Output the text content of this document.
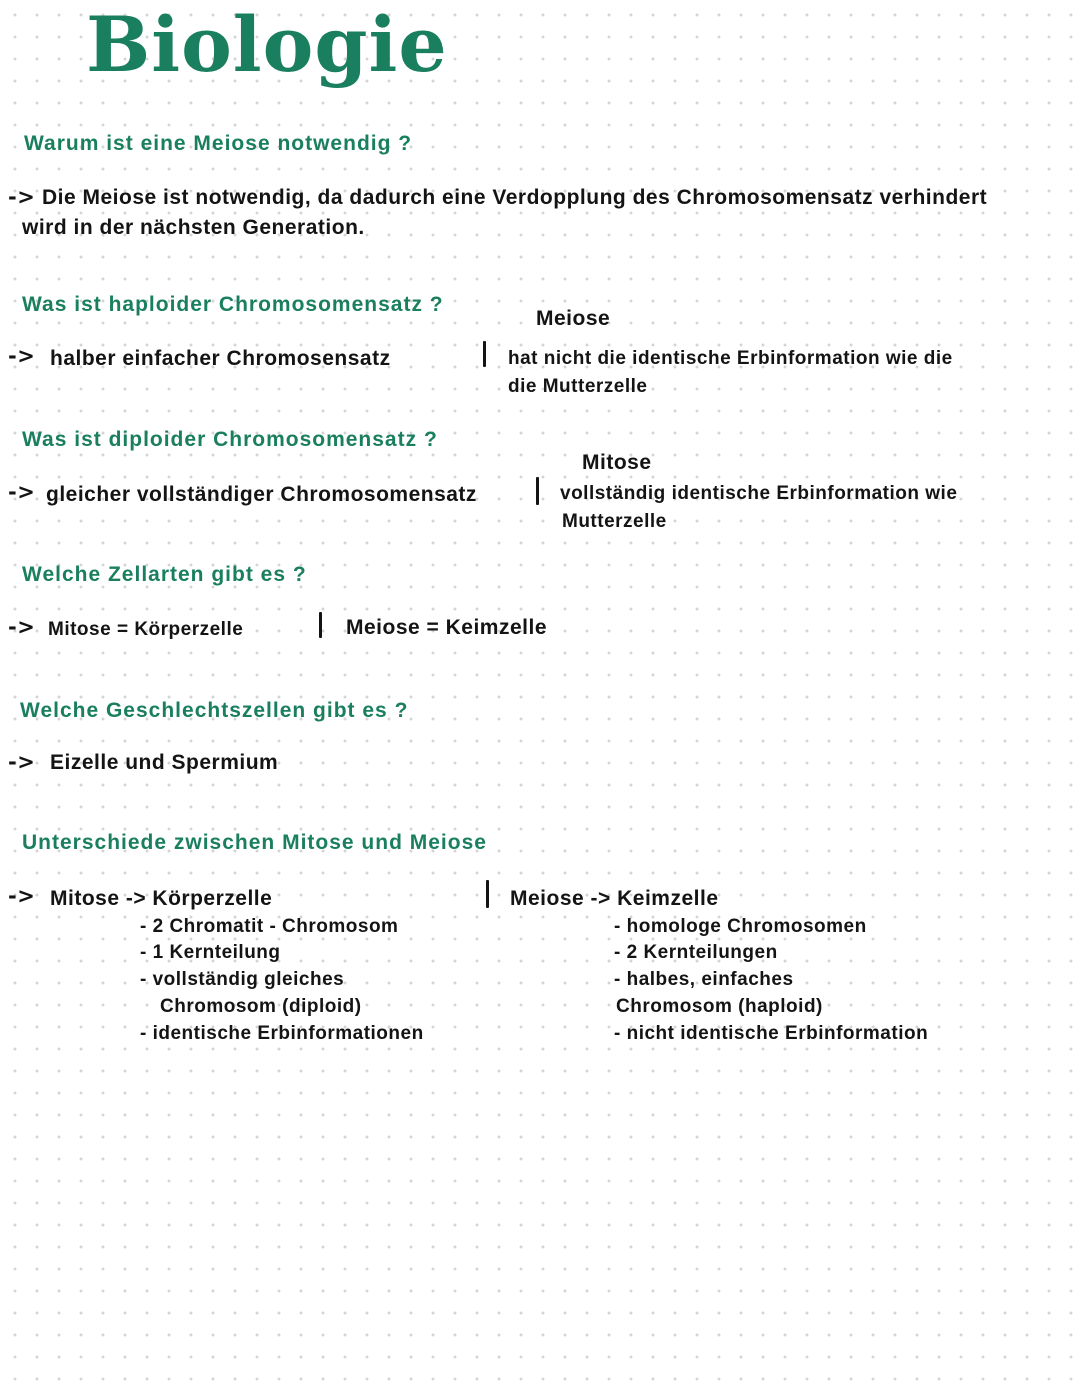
Biologie
Warum ist eine Meiose notwendig ?
-> Die Meiose ist notwendig, da dadurch eine Verdopplung des Chromosomensatz verhindert
wird in der nächsten Generation.
Was ist haploider Chromosomensatz ?
Meiose
-> halber einfacher Chromosensatz	hat nicht die identische Erbinformation wie die
die Mutterzelle
Was ist diploider Chromosomensatz ?
Mitose
-> gleicher vollständiger Chromosomensatz	vollständig identische Erbinformation wie
Mutterzelle
Welche Zellarten gibt es ?
-> Mitose = Körperzelle	Meiose = Keimzelle
Welche Geschlechtszellen gibt es ?
-> Eizelle und Spermium
Unterschiede zwischen Mitose und Meiose
-> Mitose -> Körperzelle
- 2 Chromatit - Chromosom
- 1 Kernteilung
- vollständig gleiches
Chromosom (diploid)
- identische Erbinformationen
Meiose -> Keimzelle
- homologe Chromosomen
- 2 Kernteilungen
- halbes, einfaches
Chromosom (haploid)
- nicht identische Erbinformation
